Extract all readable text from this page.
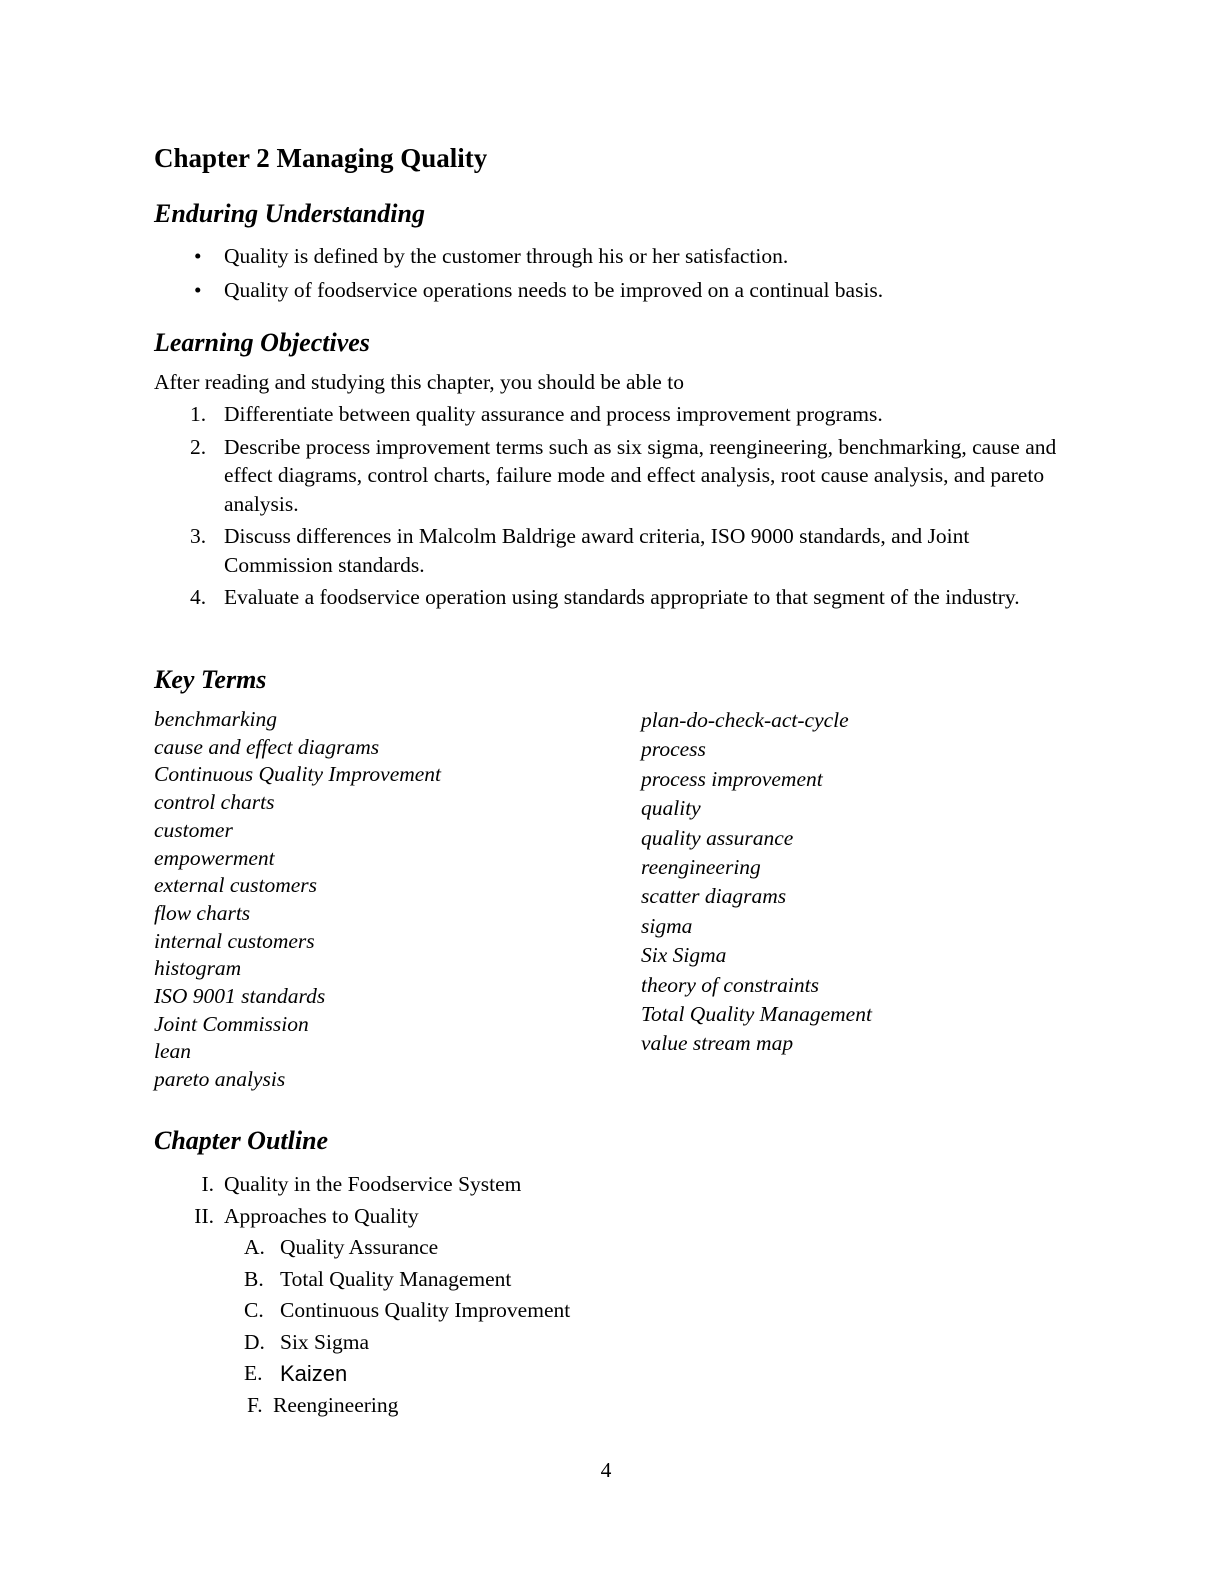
Chapter 2 Managing Quality
Enduring Understanding
• Quality is defined by the customer through his or her satisfaction.
• Quality of foodservice operations needs to be improved on a continual basis.
Learning Objectives
After reading and studying this chapter, you should be able to
1. Differentiate between quality assurance and process improvement programs.
2. Describe process improvement terms such as six sigma, reengineering, benchmarking, cause and effect diagrams, control charts, failure mode and effect analysis, root cause analysis, and pareto analysis.
3. Discuss differences in Malcolm Baldrige award criteria, ISO 9000 standards, and Joint Commission standards.
4. Evaluate a foodservice operation using standards appropriate to that segment of the industry.
Key Terms
benchmarking
cause and effect diagrams
Continuous Quality Improvement
control charts
customer
empowerment
external customers
flow charts
internal customers
histogram
ISO 9001 standards
Joint Commission
lean
pareto analysis
plan-do-check-act-cycle
process
process improvement
quality
quality assurance
reengineering
scatter diagrams
sigma
Six Sigma
theory of constraints
Total Quality Management
value stream map
Chapter Outline
I. Quality in the Foodservice System
II. Approaches to Quality
A. Quality Assurance
B. Total Quality Management
C. Continuous Quality Improvement
D. Six Sigma
E. Kaizen
F. Reengineering
4
